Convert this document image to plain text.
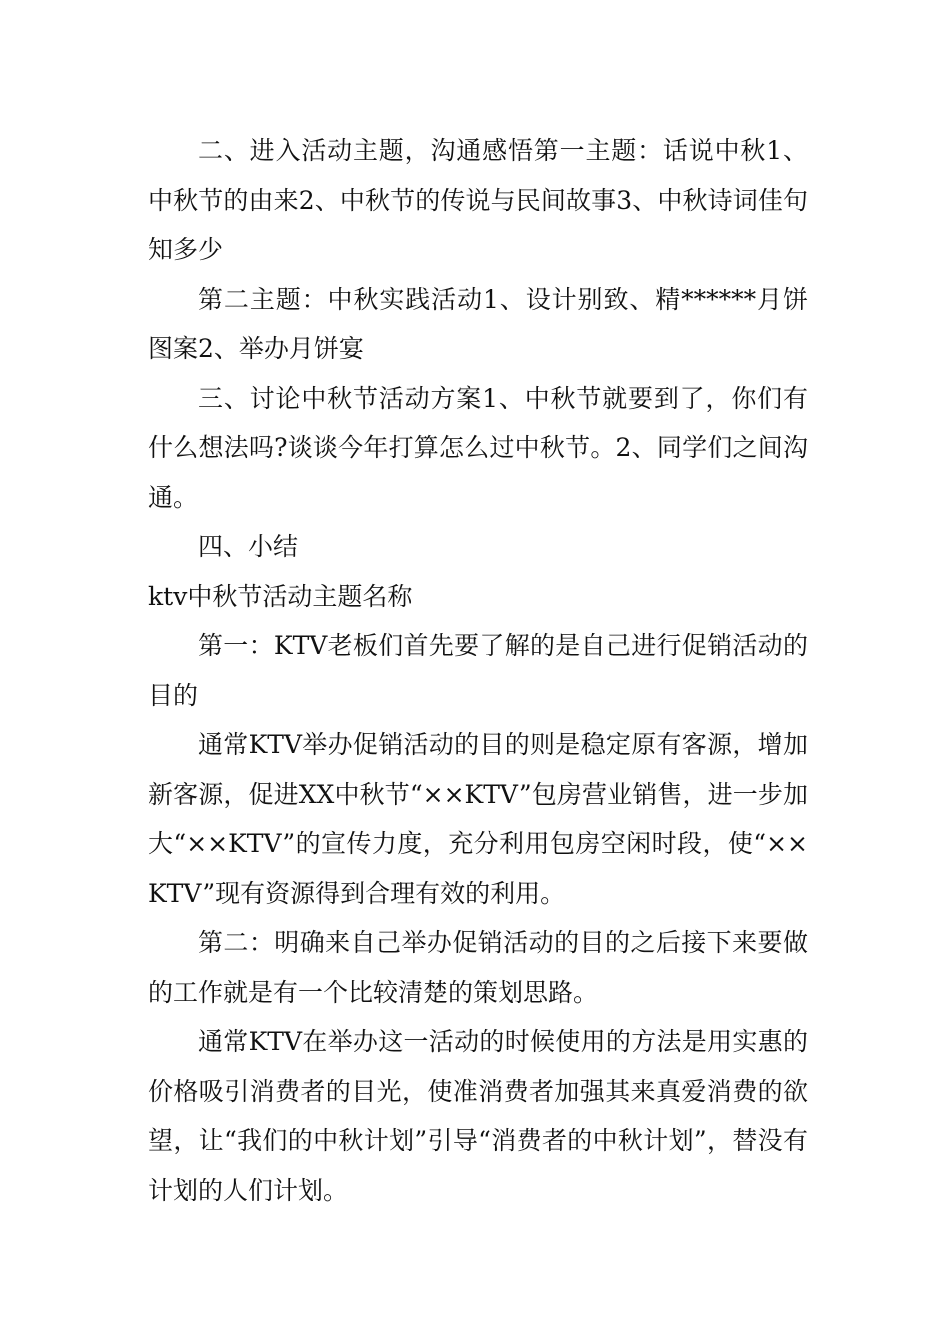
二、进入活动主题，沟通感悟第一主题：话说中秋1、中秋节的由来2、中秋节的传说与民间故事3、中秋诗词佳句知多少

第二主题：中秋实践活动1、设计别致、精******月饼图案2、举办月饼宴

三、讨论中秋节活动方案1、中秋节就要到了，你们有什么想法吗?谈谈今年打算怎么过中秋节。2、同学们之间沟通。

四、小结

ktv中秋节活动主题名称

第一：KTV老板们首先要了解的是自己进行促销活动的目的

通常KTV举办促销活动的目的则是稳定原有客源，增加新客源，促进XX中秋节“××KTV”包房营业销售，进一步加大“××KTV”的宣传力度，充分利用包房空闲时段，使“××KTV”现有资源得到合理有效的利用。

第二：明确来自己举办促销活动的目的之后接下来要做的工作就是有一个比较清楚的策划思路。

通常KTV在举办这一活动的时候使用的方法是用实惠的价格吸引消费者的目光，使准消费者加强其来真爱消费的欲望，让“我们的中秋计划”引导“消费者的中秋计划”，替没有计划的人们计划。
